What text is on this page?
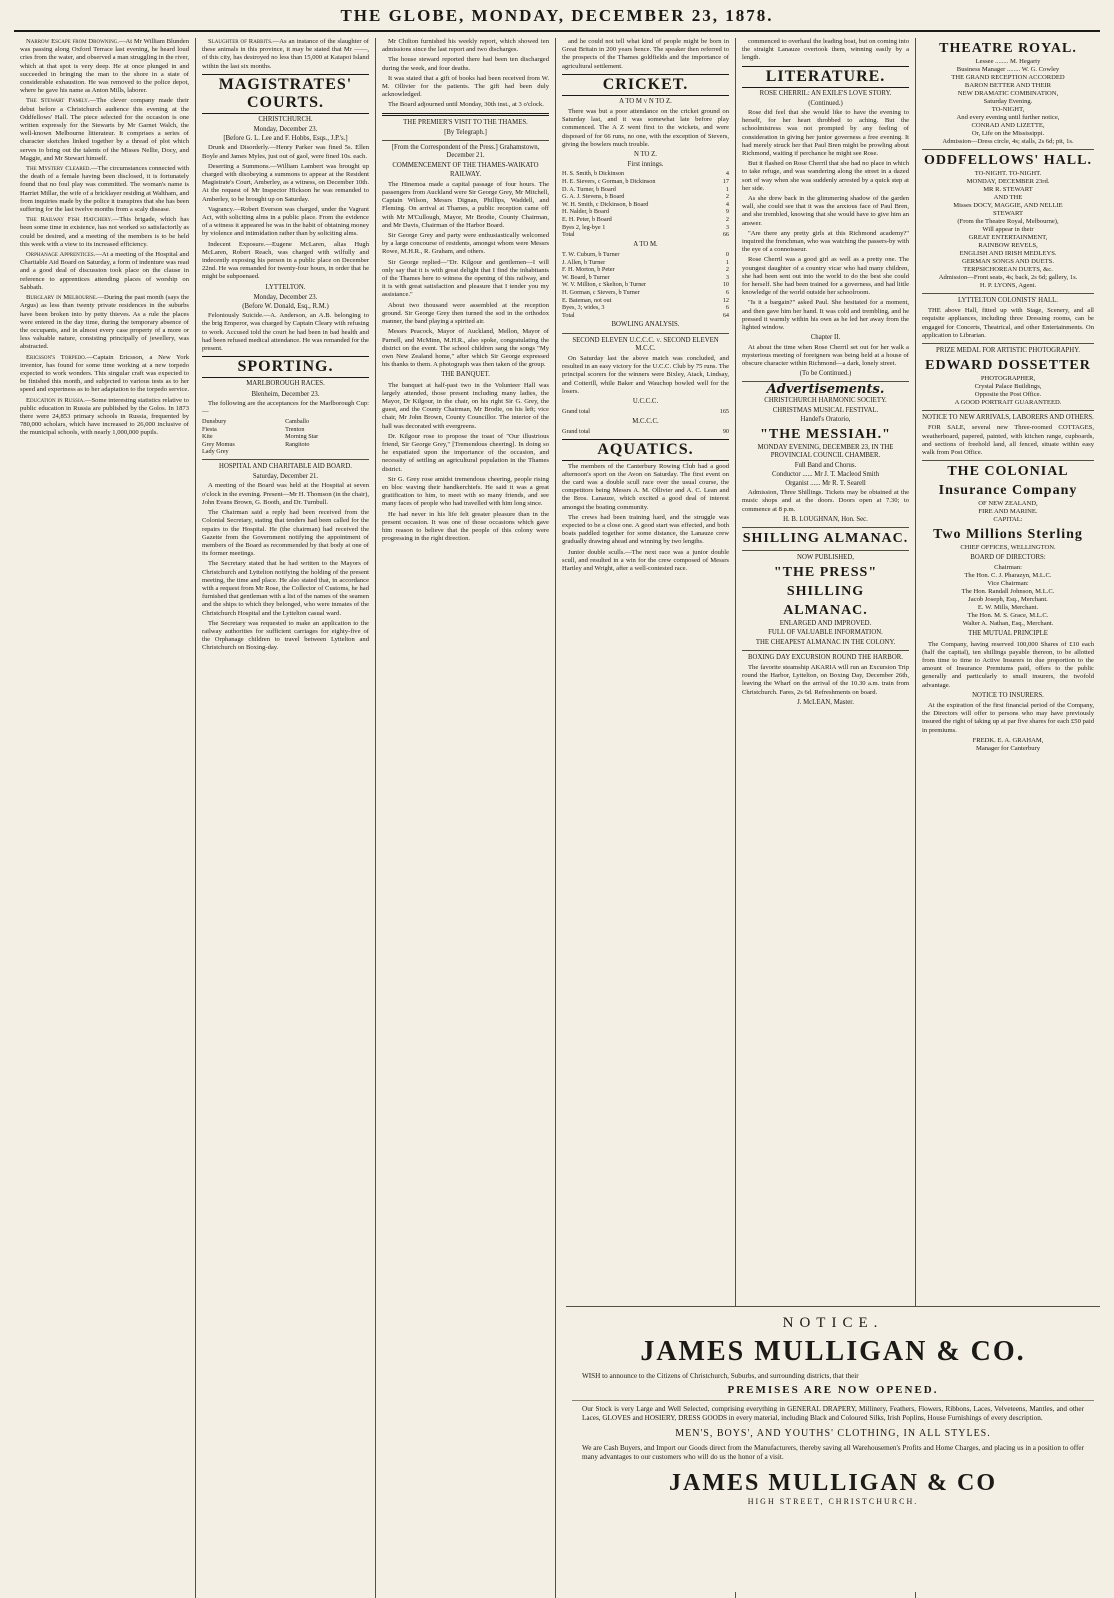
THE GLOBE, MONDAY, DECEMBER 23, 1878.

Narrow Escape from Drowning.—At Mr William Blunden was passing along Oxford Terrace last evening, he heard loud cries from the water, and observed a man struggling in the river, which at that spot is very deep. He at once plunged in and succeeded in bringing the man to the shore in a state of considerable exhaustion. He was removed to the police depot, where he gave his name as Anton Mills, laborer.

The Stewart Family.—The clever company made their debut before a Christchurch audience this evening at the Oddfellows' Hall. The piece selected for the occasion is one written expressly for the Stewarts by Mr Garnet Walch, the well-known Melbourne litterateur. It comprises a series of character sketches linked together by a thread of plot which serves to bring out the talents of the Misses Nellie, Docy, and Maggie, and Mr Stewart himself.

The Mystery Cleared.—The circumstances connected with the death of a female having been disclosed, it is fortunately found that no foul play was committed. The woman's name is Harriet Millar, the wife of a bricklayer residing at Waltham, and from inquiries made by the police it transpires that she has been suffering for the last twelve months from a scaly disease.

The Railway Fish Hatchery.—This brigade, which has been some time in existence, has not worked so satisfactorily as could be desired, and a meeting of the members is to be held this week with a view to its increased efficiency.

Orphanage Apprentices.—At a meeting of the Hospital and Charitable Aid Board on Saturday, a form of indenture was read and a good deal of discussion took place on the clause in reference to apprentices attending places of worship on Sabbath.

Burglary in Melbourne.—During the past month (says the Argus) as less than twenty private residences in the suburbs have been broken into by petty thieves. As a rule the places were entered in the day time, during the temporary absence of the occupants, and in almost every case property of a more or less valuable nature, consisting principally of jewellery, was abstracted.

Ericsson's Torpedo.—Captain Ericsson, a New York inventor, has found for some time working at a new torpedo expected to work wonders. This singular craft was expected to be finished this month, and subjected to various tests as to her speed and expertness as to her adaptation to the torpedo service.

Education in Russia.—Some interesting statistics relative to public education in Russia are published by the Golos. In 1873 there were 24,853 primary schools in Russia, frequented by 780,000 scholars, which have increased to 26,000 inclusive of the municipal schools, with nearly 1,000,000 pupils.

Slaughter of Rabbits.—As an instance of the slaughter of these animals in this province, it may be stated that Mr ——, of this city, has destroyed no less than 15,000 at Kaiapoi Island within the last six months.

MAGISTRATES' COURTS.
CHRISTCHURCH.
Monday, December 23.
[Before G. L. Lee and F. Hobbs, Esqs., J.P.'s.]

Drunk and Disorderly.—Henry Parker was fined 5s. Ellen Boyle and James Myles, just out of gaol, were fined 10s. each.

Deserting a Summons.—William Lambert was brought up charged with disobeying a summons to appear at the Resident Magistrate's Court, Amberley, as a witness, on December 10th. At the request of Mr Inspector Hickson he was remanded to Amberley, to be brought up on Saturday.

Vagrancy.—Robert Everson was charged, under the Vagrant Act, with soliciting alms in a public place. From the evidence of a witness it appeared he was in the habit of obtaining money by violence and intimidation rather than by soliciting alms.

Indecent Exposure.—Eugene McLaren, alias Hugh McLaren, Robert Reach, was charged with wilfully and indecently exposing his person in a public place on December 22nd. He was remanded for twenty-four hours, in order that he might be subpoenaed.

LYTTELTON.
Monday, December 23.
(Before W. Donald, Esq., R.M.)

Feloniously Suicide.—A. Anderson, an A.B. belonging to the brig Emperor, was charged by Captain Cleary with refusing to work. Accused told the court he had been in bad health and had been refused medical attendance. He was remanded for the present.

SPORTING.
MARLBOROUGH RACES.
Blenheim, December 23.

The following are the acceptances for the Marlborough Cup:—

Dunsbury	Camballo
Fiesta	Trenton
Kite	Morning Star
Grey Momus	Rangitoto
Lady Grey	
HOSPITAL AND CHARITABLE AID BOARD.
Saturday, December 21.

A meeting of the Board was held at the Hospital at seven o'clock in the evening. Present—Mr H. Thomson (in the chair), John Evans Brown, G. Booth, and Dr. Turnbull.

The Chairman said a reply had been received from the Colonial Secretary, stating that tenders had been called for the repairs to the Hospital. He (the chairman) had received the Gazette from the Government notifying the appointment of members of the Board as recommended by that body at one of its former meetings.

The Secretary stated that he had written to the Mayors of Christchurch and Lyttelton notifying the holding of the present meeting, the time and place. He also stated that, in accordance with a request from Mr Rose, the Collector of Customs, he had furnished that gentleman with a list of the names of the seamen and the ships to which they belonged, who were inmates of the Christchurch Hospital and the Lyttelton casual ward.

The Secretary was requested to make an application to the railway authorities for sufficient carriages for eighty-five of the Orphanage children to travel between Lyttelton and Christchurch on Boxing-day.

Mr Chilton furnished his weekly report, which showed ten admissions since the last report and two discharges.

The house steward reported there had been ten discharged during the week, and four deaths.

It was stated that a gift of books had been received from W. M. Ollivier for the patients. The gift had been duly acknowledged.

The Board adjourned until Monday, 30th inst., at 3 o'clock.

THE PREMIER'S VISIT TO THE THAMES.
[By Telegraph.]
[From the Correspondent of the Press.] Grahamstown, December 21.
COMMENCEMENT OF THE THAMES-WAIKATO RAILWAY.

The Hinemoa made a capital passage of four hours. The passengers from Auckland were Sir George Grey, Mr Mitchell, Captain Wilson, Messrs Dignan, Phillips, Waddell, and Fleming. On arrival at Thames, a public reception came off with Mr M'Cullough, Mayor, Mr Brodie, County Chairman, and Mr Davis, Chairman of the Harbor Board.

Sir George Grey and party were enthusiastically welcomed by a large concourse of residents, amongst whom were Messrs Rowe, M.H.R., R. Graham, and others.

Sir George replied—"Dr. Kilgour and gentlemen—I will only say that it is with great delight that I find the inhabitants of the Thames here to witness the opening of this railway, and it is with great satisfaction and pleasure that I tender you my assistance."

About two thousand were assembled at the reception ground. Sir George Grey then turned the sod in the orthodox manner, the band playing a spirited air.

Messrs Peacock, Mayor of Auckland, Mellon, Mayor of Parnell, and McMinn, M.H.R., also spoke, congratulating the district on the event. The school children sang the songs "My own New Zealand home," after which Sir George expressed his thanks to them. A photograph was then taken of the group.

THE BANQUET.

The banquet at half-past two in the Volunteer Hall was largely attended, those present including many ladies, the Mayor, Dr Kilgour, in the chair, on his right Sir G. Grey, the guest, and the County Chairman, Mr Brodie, on his left; vice chair, Mr John Brown, County Councillor. The interior of the hall was decorated with evergreens.

Dr. Kilgour rose to propose the toast of "Our illustrious friend, Sir George Grey," [Tremendous cheering]. In doing so he expatiated upon the importance of the occasion, and necessity of settling an agricultural population in the Thames district.

Sir G. Grey rose amidst tremendous cheering, people rising en bloc waving their handkerchiefs. He said it was a great gratification to him, to meet with so many friends, and see many faces of people who had travelled with him long since.

He had never in his life felt greater pleasure than in the present occasion. It was one of those occasions which gave him reason to believe that the people of this colony were progressing in the right direction.

and he could not tell what kind of people might be born in Great Britain in 200 years hence. The speaker then referred to the prospects of the Thames goldfields and the importance of agricultural settlement.

CRICKET.
A TO M v N TO Z.

There was but a poor attendance on the cricket ground on Saturday last, and it was somewhat late before play commenced. The A Z went first to the wickets, and were disposed of for 66 runs, no one, with the exception of Sievers, giving the bowlers much trouble.

N TO Z.
First innings.
H. S. Smith, b Dickinson	4
H. E. Sievers, c Gorman, b Dickinson	17
D. A. Turner, b Board	1
G. A. J. Stevens, b Board	2
W. H. Smith, c Dickinson, b Board	4
H. Nalder, b Board	9
E. H. Peter, b Board	2
Byes 2, leg-bye 1	3
Total	66
A TO M.
T. W. Cuburn, b Turner	0
J. Allen, b Turner	1
F. H. Morton, b Peter	2
W. Board, b Turner	3
W. V. Millton, c Skelton, b Turner	10
H. Gorman, c Sievers, b Turner	6
E. Bateman, not out	12
Byes, 3; wides, 3	6
Total	64
BOWLING ANALYSIS.
SECOND ELEVEN U.C.C.C. v. SECOND ELEVEN M.C.C.

On Saturday last the above match was concluded, and resulted in an easy victory for the U.C.C. Club by 75 runs. The principal scorers for the winners were Bixley, Atack, Lindsay, and Cotterill, while Baker and Wauchop bowled well for the losers.

U.C.C.C.
Grand total	165
M.C.C.C.
Grand total	90
AQUATICS.

The members of the Canterbury Rowing Club had a good afternoon's sport on the Avon on Saturday. The first event on the card was a double scull race over the usual course, the competitors being Messrs A. M. Ollivier and A. C. Lean and the Bros. Lanauze, which excited a good deal of interest amongst the boating community.

The crews had been training hard, and the struggle was expected to be a close one. A good start was effected, and both boats paddled together for some distance, the Lanauze crew gradually drawing ahead and winning by two lengths.

Junior double sculls.—The next race was a junior double scull, and resulted in a win for the crew composed of Messrs Hartley and Wright, after a well-contested race.

commenced to overhaul the leading boat, but on coming into the straight Lanauze overtook them, winning easily by a length.

LITERATURE.
ROSE CHERRIL: AN EXILE'S LOVE STORY.
(Continued.)

Rose did feel that she would like to have the evening to herself, for her heart throbbed to aching. But the schoolmistress was not prompted by any feeling of consideration in giving her junior governess a free evening. It had merely struck her that Paul Bren might be prowling about Richmond, waiting if perchance he might see Rose.

But it flashed on Rose Cherril that she had no place in which to take refuge, and was wandering along the street in a dazed sort of way when she was suddenly arrested by a quick step at her side.

As she drew back in the glimmering shadow of the garden wall, she could see that it was the anxious face of Paul Bren, and she trembled, knowing that she would have to give him an answer.

"Are there any pretty girls at this Richmond academy?" inquired the frenchman, who was watching the passers-by with the eye of a connoisseur.

Rose Cherril was a good girl as well as a pretty one. The youngest daughter of a country vicar who had many children, she had been sent out into the world to do the best she could for herself. She had been trained for a governess, and had little knowledge of the world outside her schoolroom.

"Is it a bargain?" asked Paul. She hesitated for a moment, and then gave him her hand. It was cold and trembling, and he pressed it warmly within his own as he led her away from the lighted window.

Chapter II.

At about the time when Rose Cherril set out for her walk a mysterious meeting of foreigners was being held at a house of obscure character within Richmond—a dark, lonely street.

(To be Continued.)
Advertisements.
CHRISTCHURCH HARMONIC SOCIETY.
CHRISTMAS MUSICAL FESTIVAL.
Handel's Oratorio,
"THE MESSIAH."
MONDAY EVENING, DECEMBER 23, IN THE PROVINCIAL COUNCIL CHAMBER.
Full Band and Chorus.
Conductor ...... Mr J. T. Macleod Smith
Organist ...... Mr R. T. Searell

Admission, Three Shillings. Tickets may be obtained at the music shops and at the doors. Doors open at 7.30; to commence at 8 p.m.

H. B. LOUGHNAN, Hon. Sec.
SHILLING ALMANAC.
NOW PUBLISHED,
"THE PRESS"
SHILLING
ALMANAC.
ENLARGED AND IMPROVED.
FULL OF VALUABLE INFORMATION.
THE CHEAPEST ALMANAC IN THE COLONY.
BOXING DAY EXCURSION ROUND THE HARBOR.

The favorite steamship AKARIA will run an Excursion Trip round the Harbor, Lyttelton, on Boxing Day, December 26th, leaving the Wharf on the arrival of the 10.30 a.m. train from Christchurch. Fares, 2s 6d. Refreshments on board.

J. McLEAN, Master.
THEATRE ROYAL.
Lessee ........ M. Hegarty
Business Manager ........ W. G. Cowley
THE GRAND RECEPTION ACCORDED
BARON BETTER AND THEIR
NEW DRAMATIC COMBINATION,
Saturday Evening.
TO-NIGHT,
And every evening until further notice,
CONRAD AND LIZETTE,
Or, Life on the Mississippi.
Admission—Dress circle, 4s; stalls, 2s 6d; pit, 1s.
ODDFELLOWS' HALL.
TO-NIGHT. TO-NIGHT.
MONDAY, DECEMBER 23rd.
MR R. STEWART
AND THE
Misses DOCY, MAGGIE, AND NELLIE
STEWART
(From the Theatre Royal, Melbourne),
Will appear in their
GREAT ENTERTAINMENT,
RAINBOW REVELS,
ENGLISH AND IRISH MEDLEYS.
GERMAN SONGS AND DUETS.
TERPSICHOREAN DUETS, &c.
Admission—Front seats, 4s; back, 2s 6d; gallery, 1s.
H. P. LYONS, Agent.
LYTTELTON COLONISTS' HALL.

THE above Hall, fitted up with Stage, Scenery, and all requisite appliances, including three Dressing rooms, can be engaged for Concerts, Theatrical, and other Entertainments. On application to Librarian.

PRIZE MEDAL FOR ARTISTIC PHOTOGRAPHY.
EDWARD DOSSETTER
PHOTOGRAPHER,
Crystal Palace Buildings,
Opposite the Post Office.
A GOOD PORTRAIT GUARANTEED.
NOTICE TO NEW ARRIVALS, LABORERS AND OTHERS.

FOR SALE, several new Three-roomed COTTAGES, weatherboard, papered, painted, with kitchen range, cupboards, and sections of freehold land, all fenced, situate within easy walk from Post Office.

THE COLONIAL
Insurance Company
OF NEW ZEALAND,
FIRE AND MARINE.
CAPITAL:
Two Millions Sterling
CHIEF OFFICES, WELLINGTON.
BOARD OF DIRECTORS:
Chairman:
The Hon. C. J. Pharazyn, M.L.C.
Vice Chairman:
The Hon. Randall Johnson, M.L.C.
Jacob Joseph, Esq., Merchant.
E. W. Mills, Merchant.
The Hon. M. S. Grace, M.L.C.
Walter A. Nathan, Esq., Merchant.
THE MUTUAL PRINCIPLE

The Company, having reserved 100,000 Shares of £10 each (half the capital), ten shillings payable thereon, to be allotted from time to time to Active Insurers in due proportion to the amount of Insurance Premiums paid, offers to the public generally and particularly to small insurers, the twofold advantage.

NOTICE TO INSURERS.

At the expiration of the first financial period of the Company, the Directors will offer to persons who may have previously insured the right of taking up at par five shares for each £50 paid in premiums.

FREDK. E. A. GRAHAM,
Manager for Canterbury
NOTICE.
JAMES MULLIGAN & CO.
WISH to announce to the Citizens of Christchurch, Suburbs, and surrounding districts, that their
PREMISES ARE NOW OPENED.
Our Stock is very Large and Well Selected, comprising everything in GENERAL DRAPERY, Millinery, Feathers, Flowers, Ribbons, Laces, Velveteens, Mantles, and other Laces, GLOVES and HOSIERY, DRESS GOODS in every material, including Black and Coloured Silks, Irish Poplins, House Furnishings of every description.
MEN'S, BOYS', AND YOUTHS' CLOTHING, IN ALL STYLES.
We are Cash Buyers, and Import our Goods direct from the Manufacturers, thereby saving all Warehousemen's Profits and Home Charges, and placing us in a position to offer many advantages to our customers who will do us the honor of a visit.
JAMES MULLIGAN & CO
HIGH STREET, CHRISTCHURCH.
